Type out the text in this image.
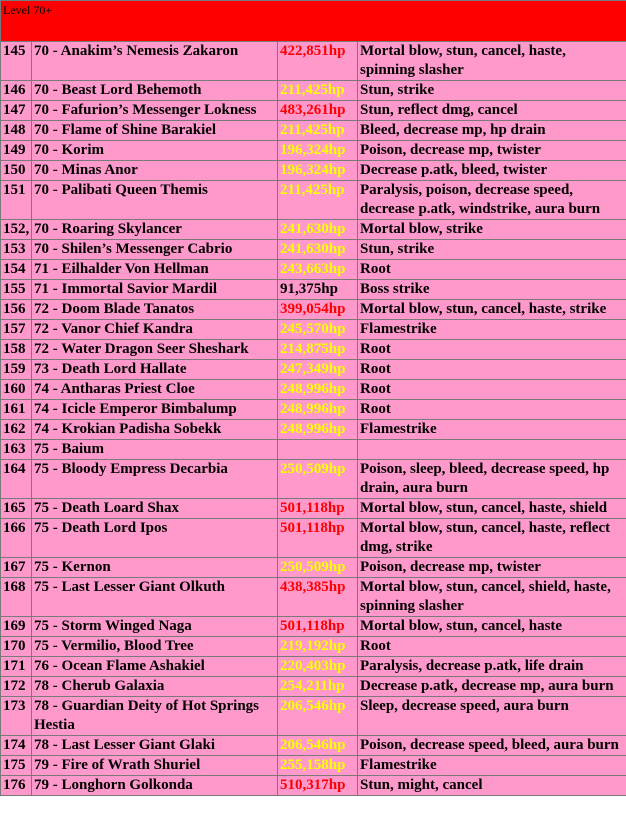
Level 70+			
145	70 - Anakim’s Nemesis Zakaron	422,851hp	Mortal blow, stun, cancel, haste, spinning slasher
146	70 - Beast Lord Behemoth	211,425hp	Stun, strike
147	70 - Fafurion’s Messenger Lokness	483,261hp	Stun, reflect dmg, cancel
148	70 - Flame of Shine Barakiel	211,425hp	Bleed, decrease mp, hp drain
149	70 - Korim	196,324hp	Poison, decrease mp, twister
150	70 - Minas Anor	196,324hp	Decrease p.atk, bleed, twister
151	70 - Palibati Queen Themis	211,425hp	Paralysis, poison, decrease speed, decrease p.atk, windstrike, aura burn
152,	70 - Roaring Skylancer	241,630hp	Mortal blow, strike
153	70 - Shilen’s Messenger Cabrio	241,630hp	Stun, strike
154	71 - Eilhalder Von Hellman	243,663hp	Root
155	71 - Immortal Savior Mardil	91,375hp	Boss strike
156	72 - Doom Blade Tanatos	399,054hp	Mortal blow, stun, cancel, haste, strike
157	72 - Vanor Chief Kandra	245,570hp	Flamestrike
158	72 - Water Dragon Seer Sheshark	214,875hp	Root
159	73 - Death Lord Hallate	247,349hp	Root
160	74 - Antharas Priest Cloe	248,996hp	Root
161	74 - Icicle Emperor Bimbalump	248,996hp	Root
162	74 - Krokian Padisha Sobekk	248,996hp	Flamestrike
163	75 - Baium		
164	75 - Bloody Empress Decarbia	250,509hp	Poison, sleep, bleed, decrease speed, hp drain, aura burn
165	75 - Death Loard Shax	501,118hp	Mortal blow, stun, cancel, haste, shield
166	75 - Death Lord Ipos	501,118hp	Mortal blow, stun, cancel, haste, reflect dmg, strike
167	75 - Kernon	250,509hp	Poison, decrease mp, twister
168	75 - Last Lesser Giant Olkuth	438,385hp	Mortal blow, stun, cancel, shield, haste, spinning slasher
169	75 - Storm Winged Naga	501,118hp	Mortal blow, stun, cancel, haste
170	75 - Vermilio, Blood Tree	219,192hp	Root
171	76 - Ocean Flame Ashakiel	220,403hp	Paralysis, decrease p.atk, life drain
172	78 - Cherub Galaxia	254,211hp	Decrease p.atk, decrease mp, aura burn
173	78 - Guardian Deity of Hot Springs Hestia	206,546hp	Sleep, decrease speed, aura burn
174	78 - Last Lesser Giant Glaki	206,546hp	Poison, decrease speed, bleed, aura burn
175	79 - Fire of Wrath Shuriel	255,158hp	Flamestrike
176	79 - Longhorn Golkonda	510,317hp	Stun, might, cancel
